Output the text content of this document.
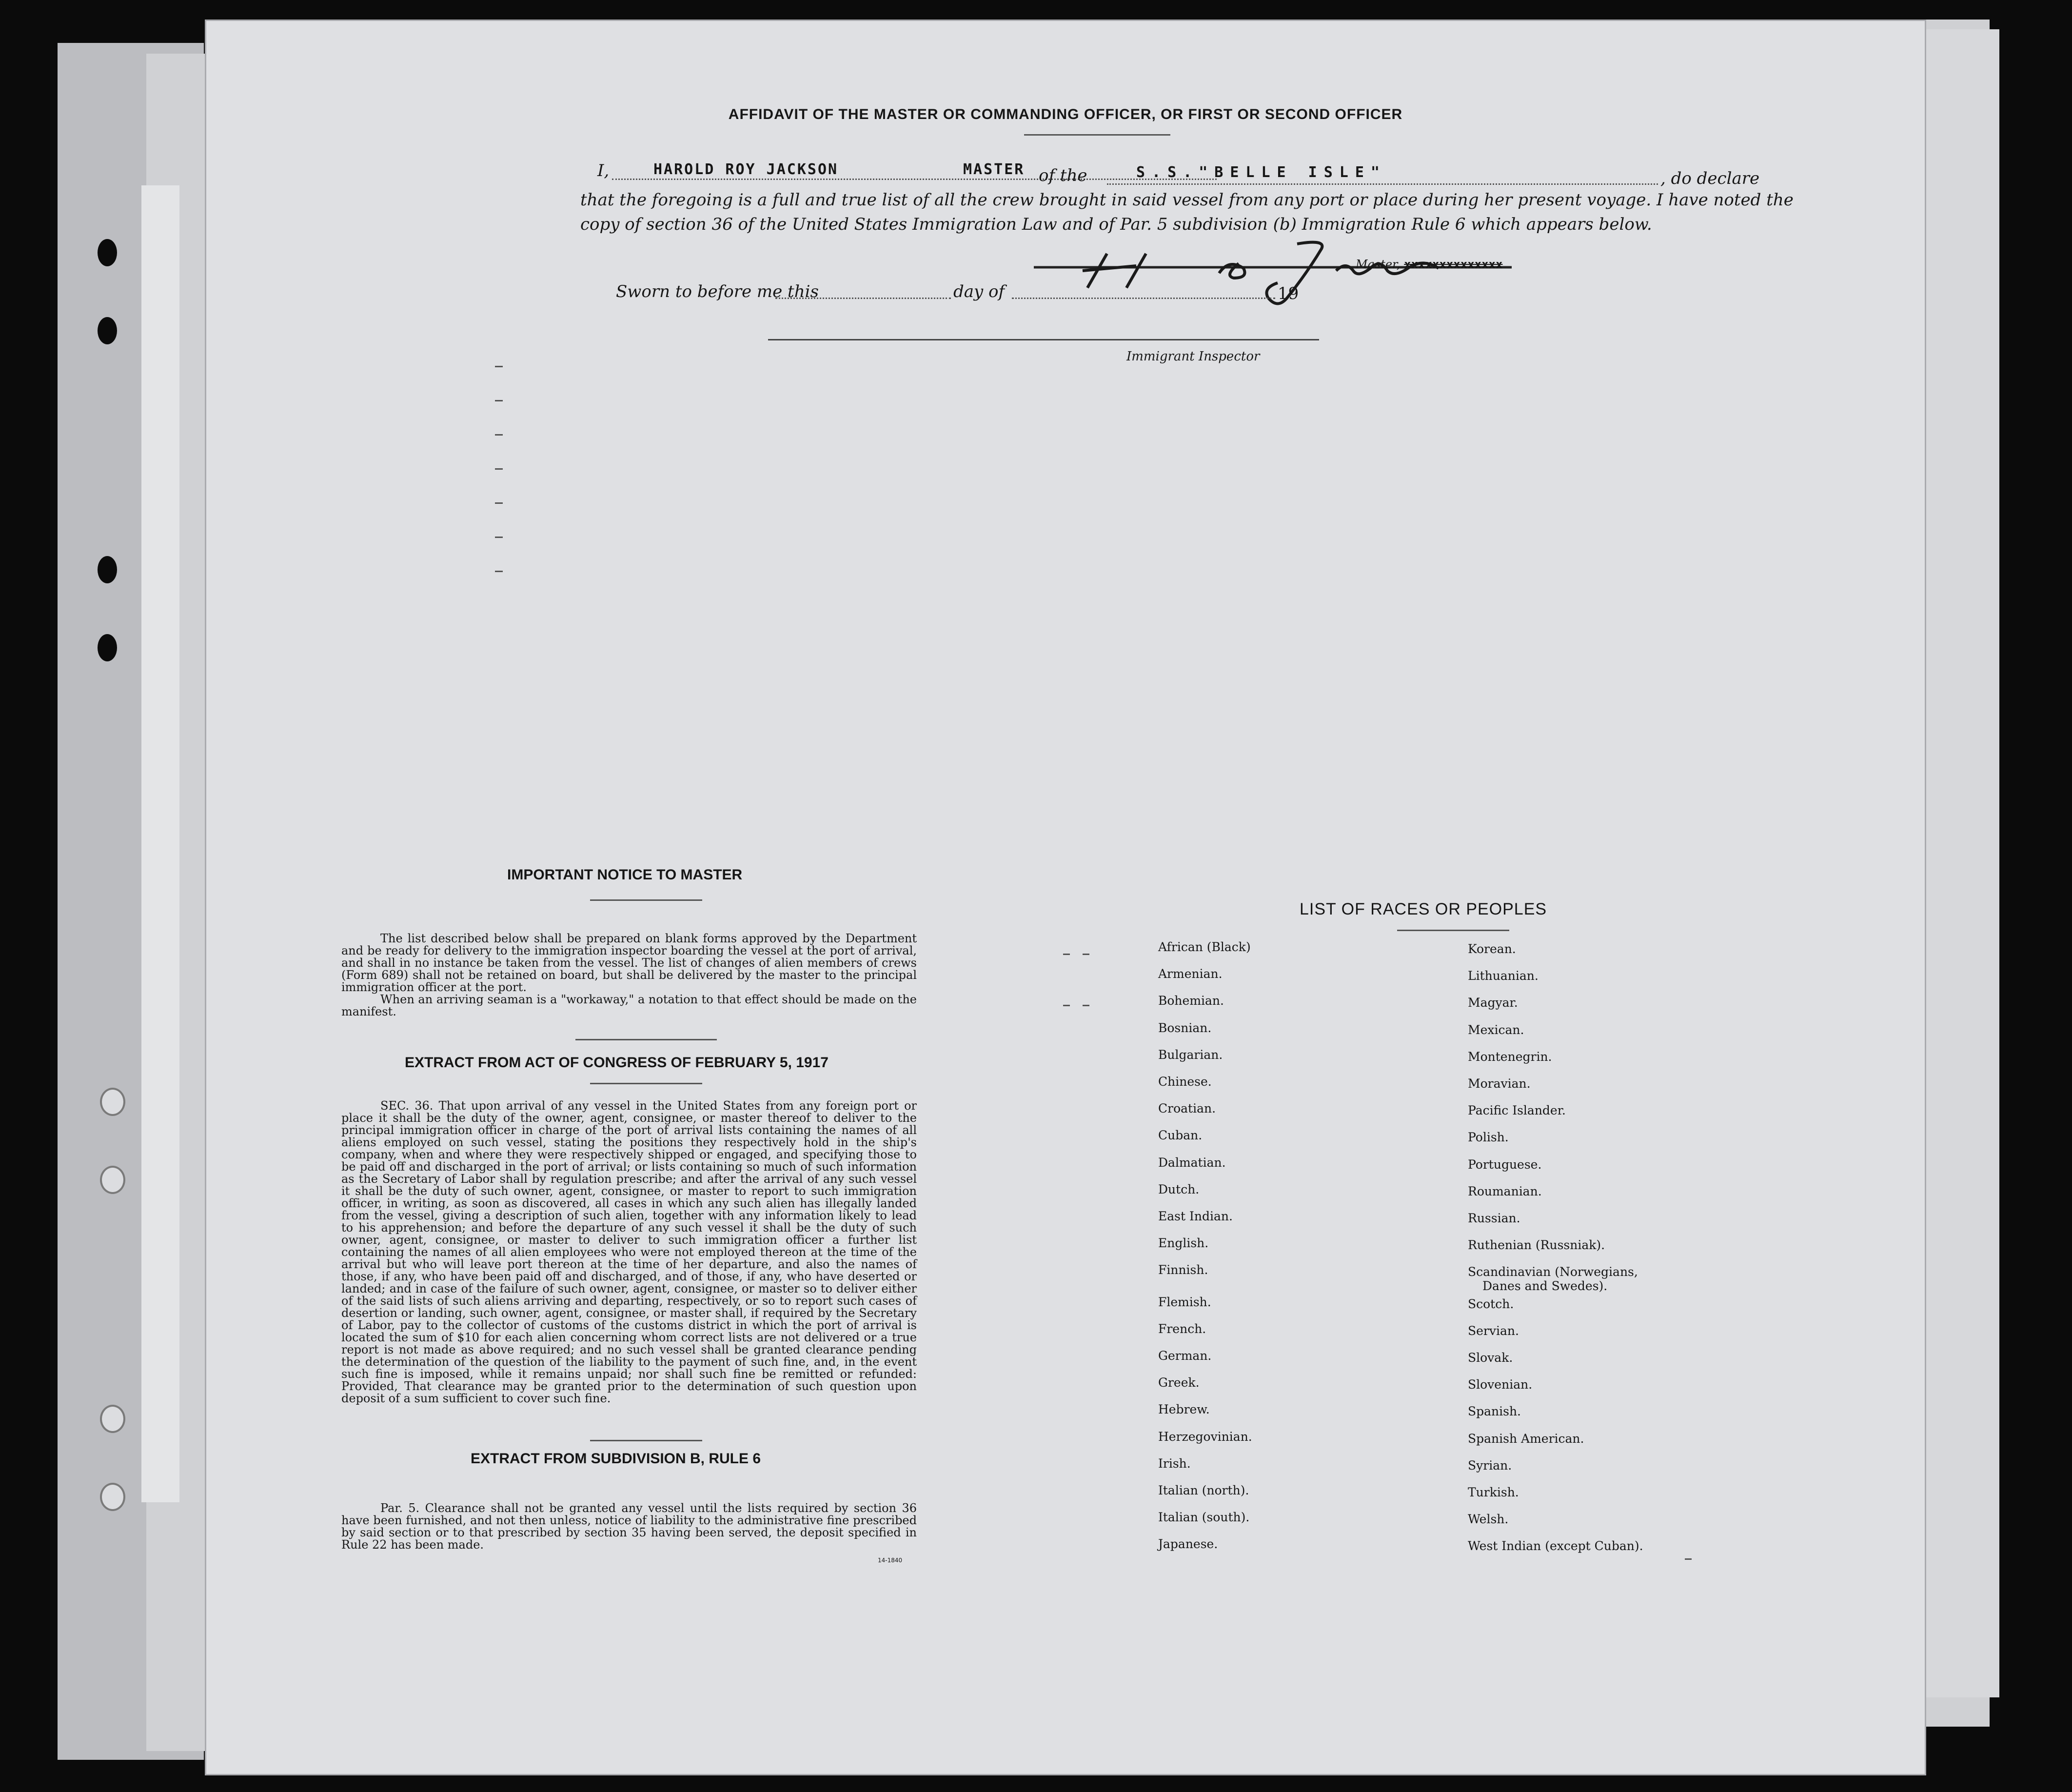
AFFIDAVIT OF THE MASTER OR COMMANDING OFFICER, OR FIRST OR SECOND OFFICER
I,	HAROLD ROY JACKSON	MASTER of the	S.S."BELLE ISLE"	, do declare
that the foregoing is a full and true list of all the crew brought in said vessel from any port or place during her present voyage. I have noted the
copy of section 36 of the United States Immigration Law and of Par. 5 subdivision (b) Immigration Rule 6 which appears below.
Master, xxxxxxxxxxxxxx
Sworn to before me this	day of	19
Immigrant Inspector
IMPORTANT NOTICE TO MASTER

The list described below shall be prepared on blank forms approved by the Department and be ready for delivery to the immigration inspector boarding the vessel at the port of arrival, and shall in no instance be taken from the vessel. The list of changes of alien members of crews (Form 689) shall not be retained on board, but shall be delivered by the master to the principal immigration officer at the port.

When an arriving seaman is a "workaway," a notation to that effect should be made on the manifest.

EXTRACT FROM ACT OF CONGRESS OF FEBRUARY 5, 1917

SEC. 36. That upon arrival of any vessel in the United States from any foreign port or place it shall be the duty of the owner, agent, consignee, or master thereof to deliver to the principal immigration officer in charge of the port of arrival lists containing the names of all aliens employed on such vessel, stating the positions they respectively hold in the ship's company, when and where they were respectively shipped or engaged, and specifying those to be paid off and discharged in the port of arrival; or lists containing so much of such information as the Secretary of Labor shall by regulation prescribe; and after the arrival of any such vessel it shall be the duty of such owner, agent, consignee, or master to report to such immigration officer, in writing, as soon as discovered, all cases in which any such alien has illegally landed from the vessel, giving a description of such alien, together with any information likely to lead to his apprehension; and before the departure of any such vessel it shall be the duty of such owner, agent, consignee, or master to deliver to such immigration officer a further list containing the names of all alien employees who were not employed thereon at the time of the arrival but who will leave port thereon at the time of her departure, and also the names of those, if any, who have been paid off and discharged, and of those, if any, who have deserted or landed; and in case of the failure of such owner, agent, consignee, or master so to deliver either of the said lists of such aliens arriving and departing, respectively, or so to report such cases of desertion or landing, such owner, agent, consignee, or master shall, if required by the Secretary of Labor, pay to the collector of customs of the customs district in which the port of arrival is located the sum of $10 for each alien concerning whom correct lists are not delivered or a true report is not made as above required; and no such vessel shall be granted clearance pending the determination of the question of the liability to the payment of such fine, and, in the event such fine is imposed, while it remains unpaid; nor shall such fine be remitted or refunded: Provided, That clearance may be granted prior to the determination of such question upon deposit of a sum sufficient to cover such fine.

EXTRACT FROM SUBDIVISION B, RULE 6

Par. 5. Clearance shall not be granted any vessel until the lists required by section 36 have been furnished, and not then unless, notice of liability to the administrative fine prescribed by said section or to that prescribed by section 35 having been served, the deposit specified in Rule 22 has been made.

14-1840
LIST OF RACES OR PEOPLES
African (Black)
Armenian.
Bohemian.
Bosnian.
Bulgarian.
Chinese.
Croatian.
Cuban.
Dalmatian.
Dutch.
East Indian.
English.
Finnish.
Flemish.
French.
German.
Greek.
Hebrew.
Herzegovinian.
Irish.
Italian (north).
Italian (south).
Japanese.
Korean.
Lithuanian.
Magyar.
Mexican.
Montenegrin.
Moravian.
Pacific Islander.
Polish.
Portuguese.
Roumanian.
Russian.
Ruthenian (Russniak).
Scandinavian (Norwegians,
Danes and Swedes).
Scotch.
Servian.
Slovak.
Slovenian.
Spanish.
Spanish American.
Syrian.
Turkish.
Welsh.
West Indian (except Cuban).
